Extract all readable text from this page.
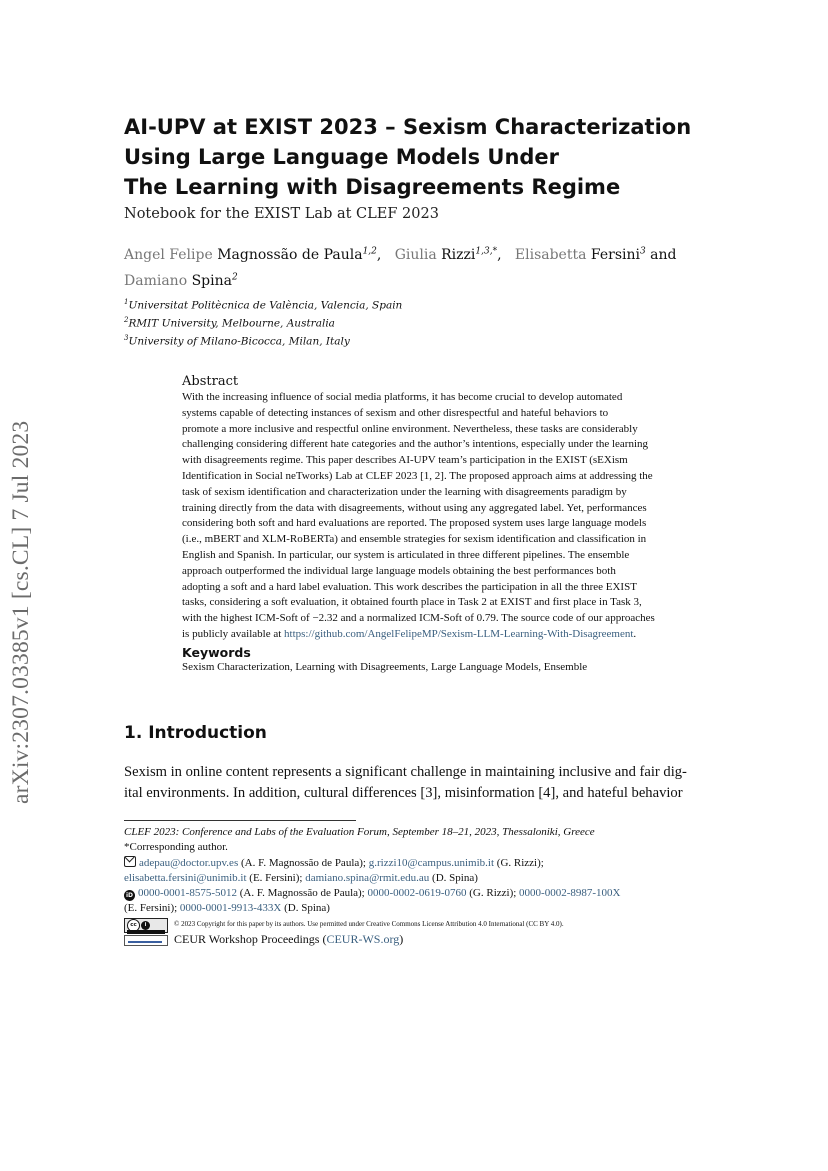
arXiv:2307.03385v1 [cs.CL] 7 Jul 2023
AI-UPV at EXIST 2023 – Sexism Characterization
Using Large Language Models Under
The Learning with Disagreements Regime
Notebook for the EXIST Lab at CLEF 2023
Angel Felipe Magnossão de Paula$^{1,2}$,   Giulia Rizzi$^{1,3,*}$,   Elisabetta Fersini$^3$ and
Damiano Spina$^2$
$^1$Universitat Politècnica de València, Valencia, Spain
$^2$RMIT University, Melbourne, Australia
$^3$University of Milano-Bicocca, Milan, Italy
Abstract
With the increasing influence of social media platforms, it has become crucial to develop automated
systems capable of detecting instances of sexism and other disrespectful and hateful behaviors to
promote a more inclusive and respectful online environment. Nevertheless, these tasks are considerably
challenging considering different hate categories and the author’s intentions, especially under the learning
with disagreements regime. This paper describes AI-UPV team’s participation in the EXIST (sEXism
Identification in Social neTworks) Lab at CLEF 2023 [1, 2]. The proposed approach aims at addressing the
task of sexism identification and characterization under the learning with disagreements paradigm by
training directly from the data with disagreements, without using any aggregated label. Yet, performances
considering both soft and hard evaluations are reported. The proposed system uses large language models
(i.e., mBERT and XLM-RoBERTa) and ensemble strategies for sexism identification and classification in
English and Spanish. In particular, our system is articulated in three different pipelines. The ensemble
approach outperformed the individual large language models obtaining the best performances both
adopting a soft and a hard label evaluation. This work describes the participation in all the three EXIST
tasks, considering a soft evaluation, it obtained fourth place in Task 2 at EXIST and first place in Task 3,
with the highest ICM-Soft of −2.32 and a normalized ICM-Soft of 0.79. The source code of our approaches
is publicly available at https://github.com/AngelFelipeMP/Sexism-LLM-Learning-With-Disagreement.
Keywords
Sexism Characterization, Learning with Disagreements, Large Language Models, Ensemble
1. Introduction
Sexism in online content represents a significant challenge in maintaining inclusive and fair dig-
ital environments. In addition, cultural differences [3], misinformation [4], and hateful behavior
CLEF 2023: Conference and Labs of the Evaluation Forum, September 18–21, 2023, Thessaloniki, Greece
*Corresponding author.
adepau@doctor.upv.es (A. F. Magnossão de Paula); g.rizzi10@campus.unimib.it (G. Rizzi);
elisabetta.fersini@unimib.it (E. Fersini); damiano.spina@rmit.edu.au (D. Spina)
iD 0000-0001-8575-5012 (A. F. Magnossão de Paula); 0000-0002-0619-0760 (G. Rizzi); 0000-0002-8987-100X
(E. Fersini); 0000-0001-9913-433X (D. Spina)
cc i	© 2023 Copyright for this paper by its authors. Use permitted under Creative Commons License Attribution 4.0 International (CC BY 4.0).
CEUR Workshop Proceedings (CEUR-WS.org)
